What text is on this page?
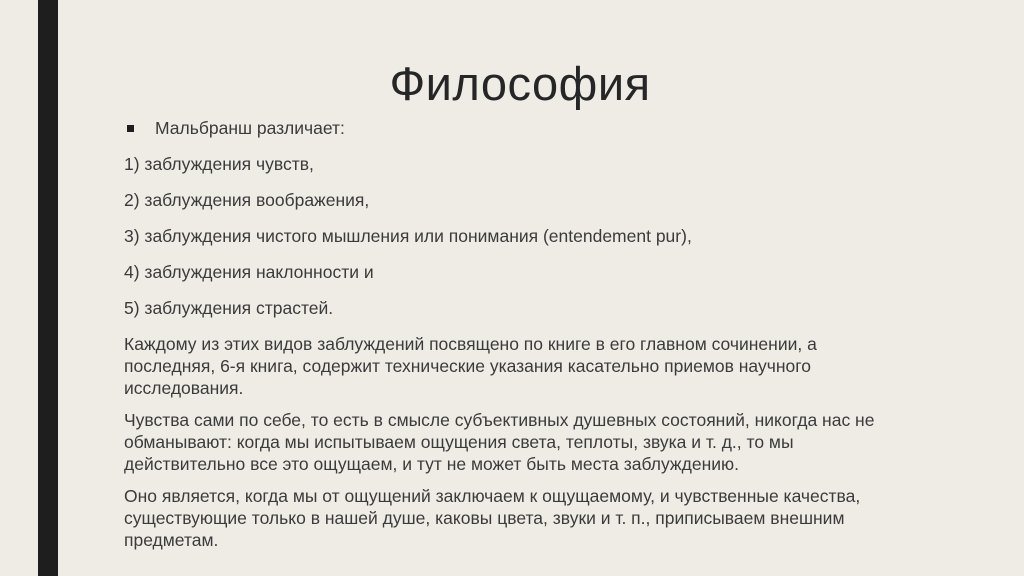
Философия
Мальбранш различает:

1) заблуждения чувств,

2) заблуждения воображения,

3) заблуждения чистого мышления или понимания (entendement pur),

4) заблуждения наклонности и

5) заблуждения страстей.

Каждому из этих видов заблуждений посвящено по книге в его главном сочинении, а последняя, 6-я книга, содержит технические указания касательно приемов научного исследования.

Чувства сами по себе, то есть в смысле субъективных душевных состояний, никогда нас не обманывают: когда мы испытываем ощущения света, теплоты, звука и т. д., то мы действительно все это ощущаем, и тут не может быть места заблуждению.

Оно является, когда мы от ощущений заключаем к ощущаемому, и чувственные качества, существующие только в нашей душе, каковы цвета, звуки и т. п., приписываем внешним предметам.
